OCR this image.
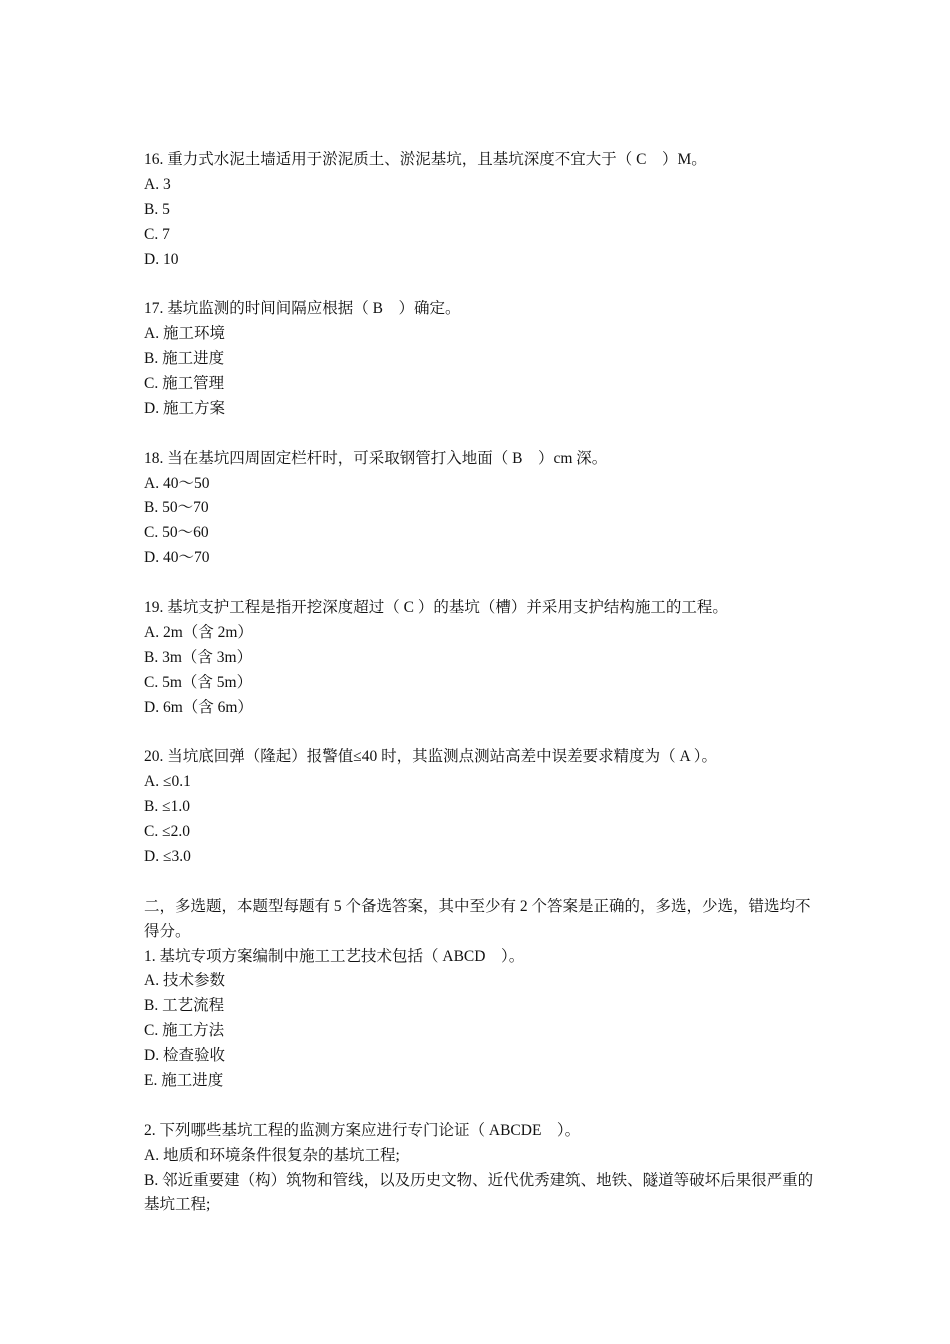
16. 重力式水泥土墙适用于淤泥质土、淤泥基坑，且基坑深度不宜大于（ C　）M。
A. 3
B. 5
C. 7
D. 10
17. 基坑监测的时间间隔应根据（ B　）确定。
A. 施工环境
B. 施工进度
C. 施工管理
D. 施工方案
18. 当在基坑四周固定栏杆时，可采取钢管打入地面（ B　）cm 深。
A. 40～50
B. 50～70
C. 50～60
D. 40～70
19. 基坑支护工程是指开挖深度超过（ C ）的基坑（槽）并采用支护结构施工的工程。
A. 2m（含 2m）
B. 3m（含 3m）
C. 5m（含 5m）
D. 6m（含 6m）
20. 当坑底回弹（隆起）报警值≤40 时，其监测点测站高差中误差要求精度为（ A ）。
A. ≤0.1
B. ≤1.0
C. ≤2.0
D. ≤3.0
二，多选题，本题型每题有 5 个备选答案，其中至少有 2 个答案是正确的，多选，少选，错选均不得分。
1. 基坑专项方案编制中施工工艺技术包括（ ABCD　）。
A. 技术参数
B. 工艺流程
C. 施工方法
D. 检查验收
E. 施工进度
2. 下列哪些基坑工程的监测方案应进行专门论证（ ABCDE　）。
A. 地质和环境条件很复杂的基坑工程;
B. 邻近重要建（构）筑物和管线，以及历史文物、近代优秀建筑、地铁、隧道等破坏后果很严重的基坑工程;
